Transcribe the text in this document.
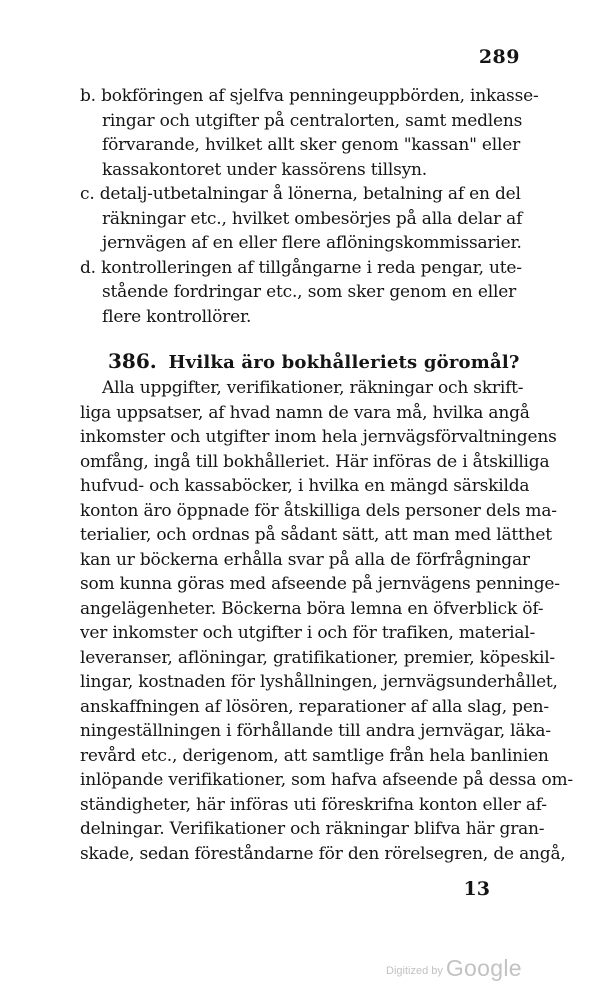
289
b. bokföringen af sjelfva penningeuppbörden, inkasse-
ringar och utgifter på centralorten, samt medlens
förvarande, hvilket allt sker genom "kassan" eller
kassakontoret under kassörens tillsyn.
c. detalj-utbetalningar å lönerna, betalning af en del
räkningar etc., hvilket ombesörjes på alla delar af
jernvägen af en eller flere aflöningskommissarier.
d. kontrolleringen af tillgångarne i reda pengar, ute-
stående fordringar etc., som sker genom en eller
flere kontrollörer.
386. Hvilka äro bokhålleriets göromål?
Alla uppgifter, verifikationer, räkningar och skrift-
liga uppsatser, af hvad namn de vara må, hvilka angå
inkomster och utgifter inom hela jernvägsförvaltningens
omfång, ingå till bokhålleriet. Här införas de i åtskilliga
hufvud- och kassaböcker, i hvilka en mängd särskilda
konton äro öppnade för åtskilliga dels personer dels ma-
terialier, och ordnas på sådant sätt, att man med lätthet
kan ur böckerna erhålla svar på alla de förfrågningar
som kunna göras med afseende på jernvägens penninge-
angelägenheter. Böckerna böra lemna en öfverblick öf-
ver inkomster och utgifter i och för trafiken, material-
leveranser, aflöningar, gratifikationer, premier, köpeskil-
lingar, kostnaden för lyshållningen, jernvägsunderhållet,
anskaffningen af lösören, reparationer af alla slag, pen-
ningeställningen i förhållande till andra jernvägar, läka-
revård etc., derigenom, att samtlige från hela banlinien
inlöpande verifikationer, som hafva afseende på dessa om-
ständigheter, här införas uti föreskrifna konton eller af-
delningar. Verifikationer och räkningar blifva här gran-
skade, sedan föreståndarne för den rörelsegren, de angå,
13
Digitized by Google
